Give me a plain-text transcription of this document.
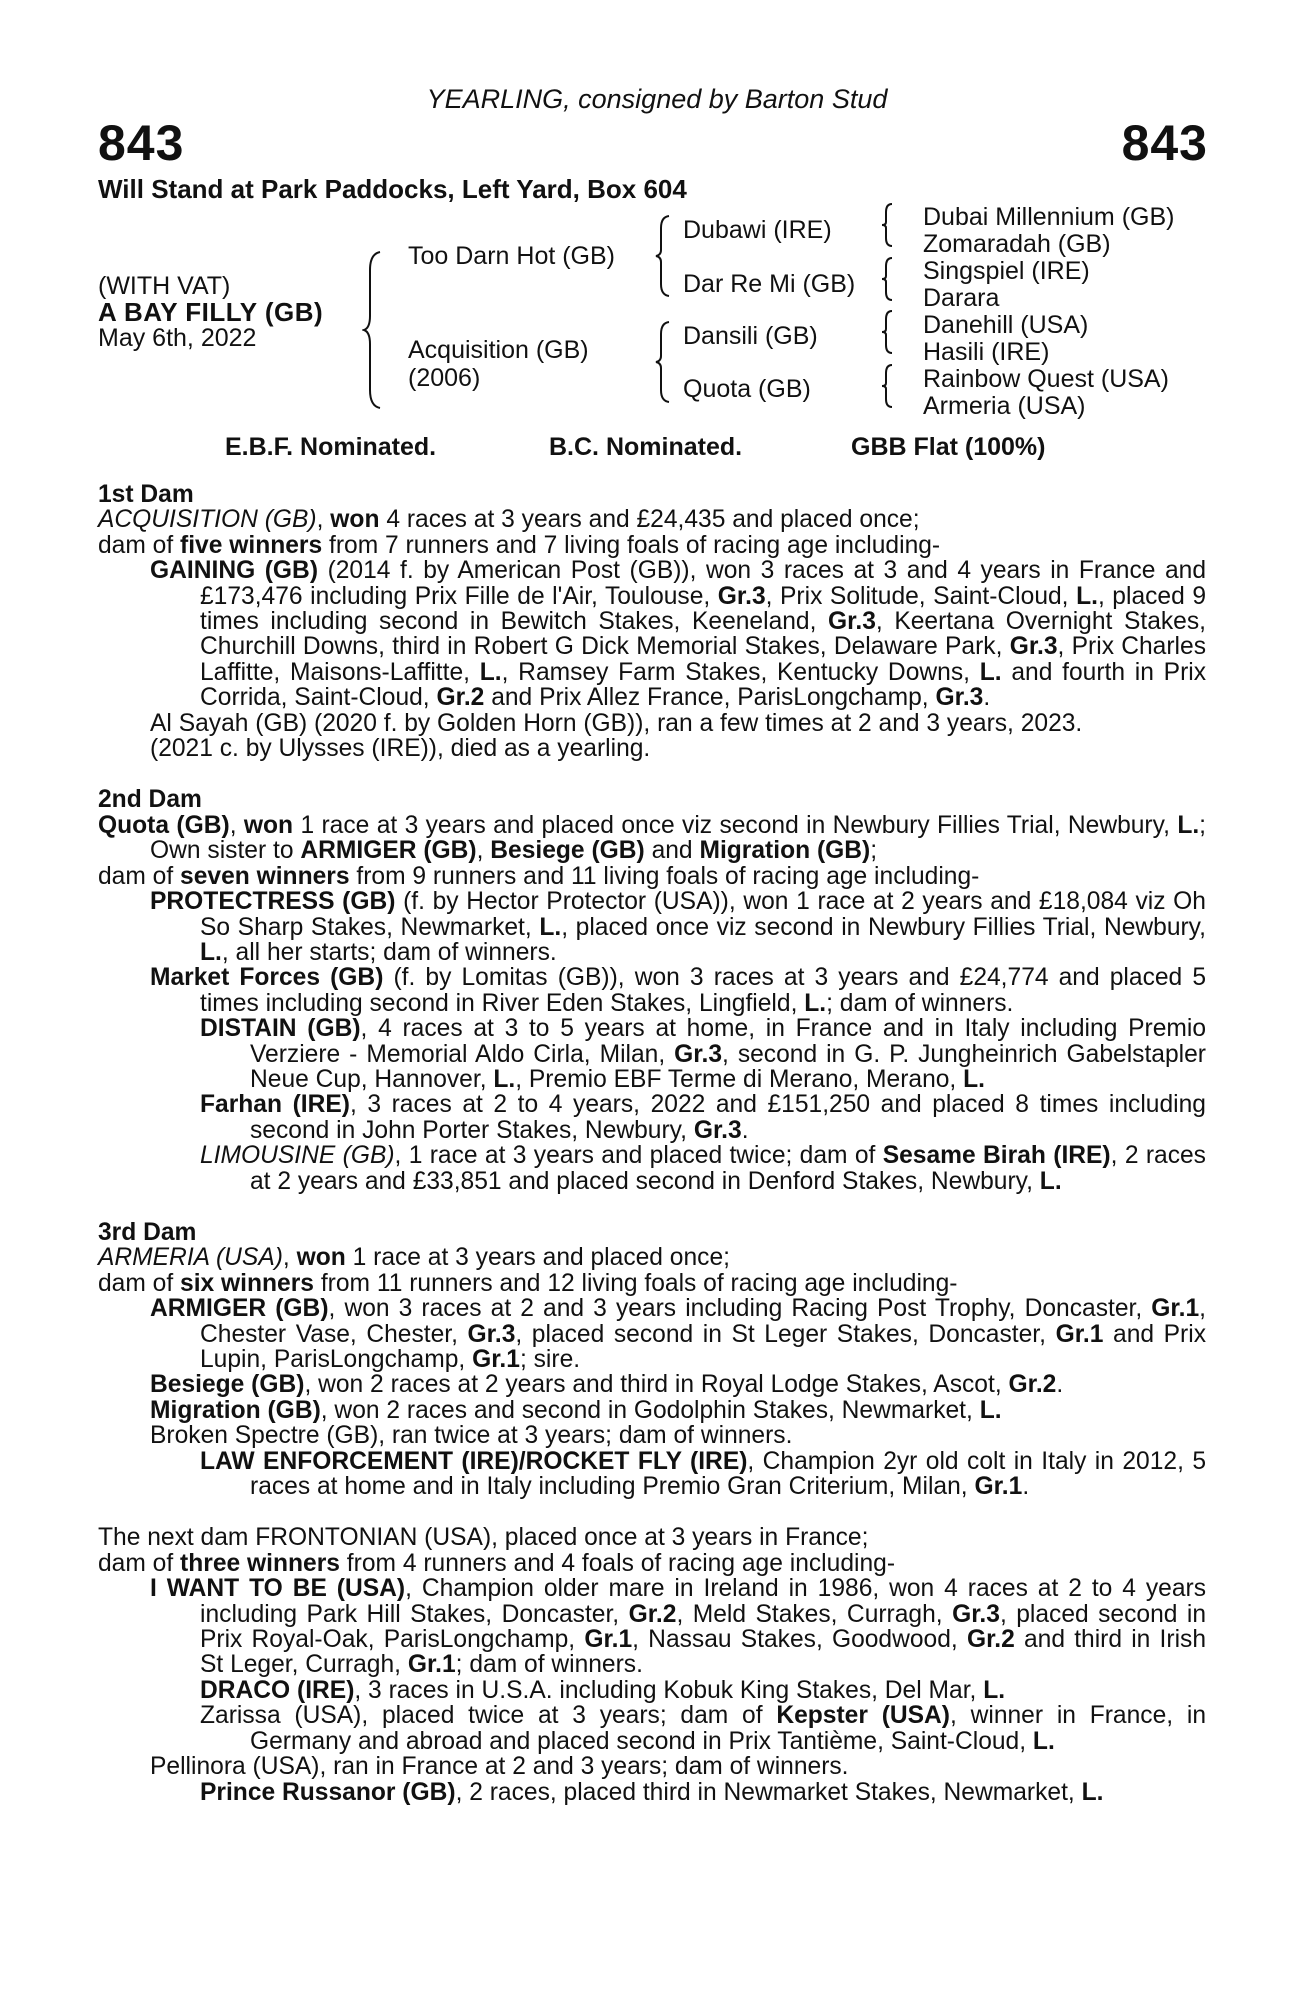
YEARLING, consigned by Barton Stud
843	843
Will Stand at Park Paddocks, Left Yard, Box 604
(WITH VAT)
A BAY FILLY (GB)
May 6th, 2022
Too Darn Hot (GB)
Acquisition (GB)
(2006)
Dubawi (IRE)
Dar Re Mi (GB)
Dansili (GB)
Quota (GB)
Dubai Millennium (GB)
Zomaradah (GB)
Singspiel (IRE)
Darara
Danehill (USA)
Hasili (IRE)
Rainbow Quest (USA)
Armeria (USA)
E.B.F. Nominated.	B.C. Nominated.	GBB Flat (100%)
1st Dam

ACQUISITION (GB), won 4 races at 3 years and £24,435 and placed once;

dam of five winners from 7 runners and 7 living foals of racing age including-

GAINING (GB) (2014 f. by American Post (GB)), won 3 races at 3 and 4 years in France and £173,476 including Prix Fille de l'Air, Toulouse, Gr.3, Prix Solitude, Saint-Cloud, L., placed 9 times including second in Bewitch Stakes, Keeneland, Gr.3, Keertana Overnight Stakes, Churchill Downs, third in Robert G Dick Memorial Stakes, Delaware Park, Gr.3, Prix Charles Laffitte, Maisons-Laffitte, L., Ramsey Farm Stakes, Kentucky Downs, L. and fourth in Prix Corrida, Saint-Cloud, Gr.2 and Prix Allez France, ParisLongchamp, Gr.3.

Al Sayah (GB) (2020 f. by Golden Horn (GB)), ran a few times at 2 and 3 years, 2023.

(2021 c. by Ulysses (IRE)), died as a yearling.

2nd Dam

Quota (GB), won 1 race at 3 years and placed once viz second in Newbury Fillies Trial, Newbury, L.; Own sister to ARMIGER (GB), Besiege (GB) and Migration (GB);

dam of seven winners from 9 runners and 11 living foals of racing age including-

PROTECTRESS (GB) (f. by Hector Protector (USA)), won 1 race at 2 years and £18,084 viz Oh So Sharp Stakes, Newmarket, L., placed once viz second in Newbury Fillies Trial, Newbury, L., all her starts; dam of winners.

Market Forces (GB) (f. by Lomitas (GB)), won 3 races at 3 years and £24,774 and placed 5 times including second in River Eden Stakes, Lingfield, L.; dam of winners.

DISTAIN (GB), 4 races at 3 to 5 years at home, in France and in Italy including Premio Verziere - Memorial Aldo Cirla, Milan, Gr.3, second in G. P. Jungheinrich Gabelstapler Neue Cup, Hannover, L., Premio EBF Terme di Merano, Merano, L.

Farhan (IRE), 3 races at 2 to 4 years, 2022 and £151,250 and placed 8 times including second in John Porter Stakes, Newbury, Gr.3.

LIMOUSINE (GB), 1 race at 3 years and placed twice; dam of Sesame Birah (IRE), 2 races at 2 years and £33,851 and placed second in Denford Stakes, Newbury, L.

3rd Dam

ARMERIA (USA), won 1 race at 3 years and placed once;

dam of six winners from 11 runners and 12 living foals of racing age including-

ARMIGER (GB), won 3 races at 2 and 3 years including Racing Post Trophy, Doncaster, Gr.1, Chester Vase, Chester, Gr.3, placed second in St Leger Stakes, Doncaster, Gr.1 and Prix Lupin, ParisLongchamp, Gr.1; sire.

Besiege (GB), won 2 races at 2 years and third in Royal Lodge Stakes, Ascot, Gr.2.

Migration (GB), won 2 races and second in Godolphin Stakes, Newmarket, L.

Broken Spectre (GB), ran twice at 3 years; dam of winners.

LAW ENFORCEMENT (IRE)/ROCKET FLY (IRE), Champion 2yr old colt in Italy in 2012, 5 races at home and in Italy including Premio Gran Criterium, Milan, Gr.1.

The next dam FRONTONIAN (USA), placed once at 3 years in France;

dam of three winners from 4 runners and 4 foals of racing age including-

I WANT TO BE (USA), Champion older mare in Ireland in 1986, won 4 races at 2 to 4 years including Park Hill Stakes, Doncaster, Gr.2, Meld Stakes, Curragh, Gr.3, placed second in Prix Royal-Oak, ParisLongchamp, Gr.1, Nassau Stakes, Goodwood, Gr.2 and third in Irish St Leger, Curragh, Gr.1; dam of winners.

DRACO (IRE), 3 races in U.S.A. including Kobuk King Stakes, Del Mar, L.

Zarissa (USA), placed twice at 3 years; dam of Kepster (USA), winner in France, in Germany and abroad and placed second in Prix Tantième, Saint-Cloud, L.

Pellinora (USA), ran in France at 2 and 3 years; dam of winners.

Prince Russanor (GB), 2 races, placed third in Newmarket Stakes, Newmarket, L.
